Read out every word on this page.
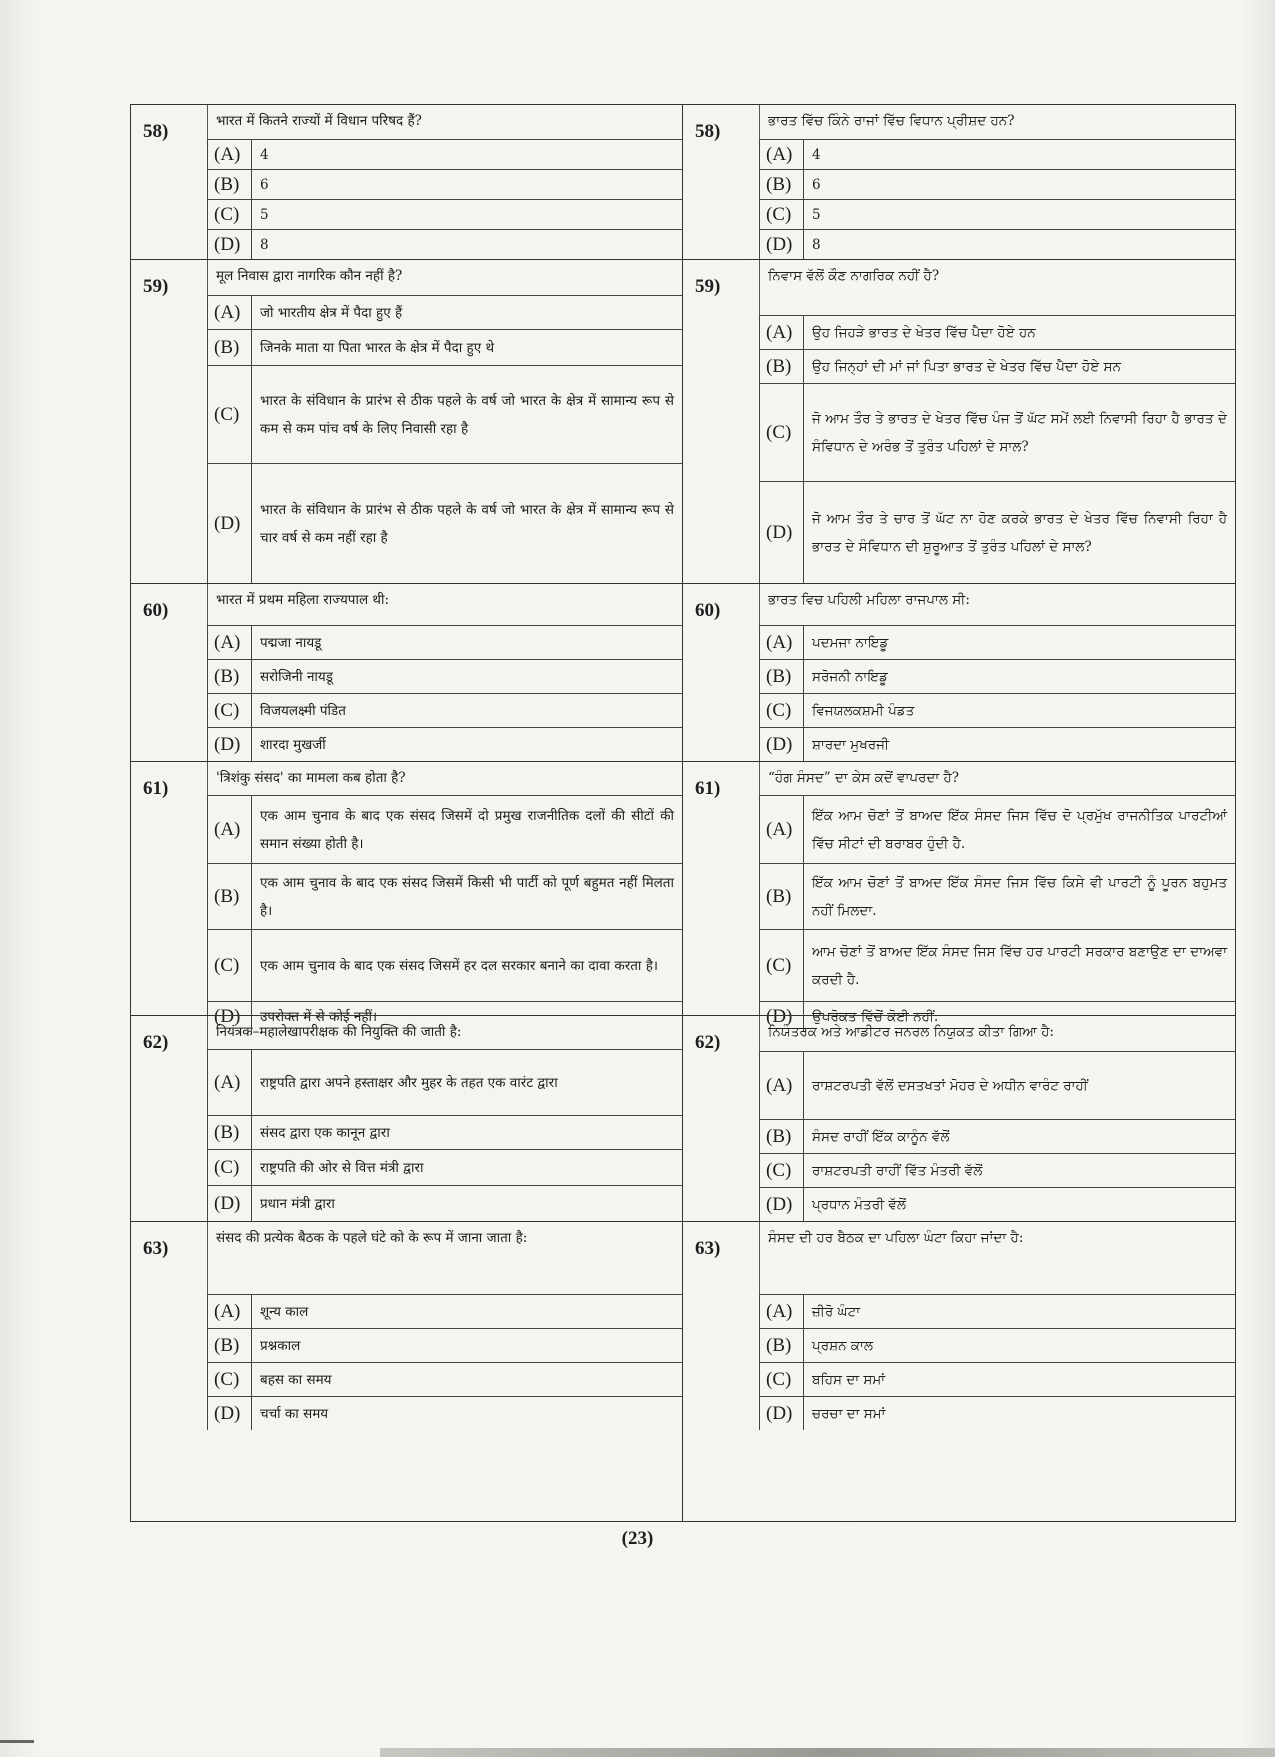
58)	भारत में कितने राज्यों में विधान परिषद हैं?
(A)	4
(B)	6
(C)	5
(D)	8
59)	मूल निवास द्वारा नागरिक कौन नहीं है?
(A)	जो भारतीय क्षेत्र में पैदा हुए हैं
(B)	जिनके माता या पिता भारत के क्षेत्र में पैदा हुए थे
(C)
भारत के संविधान के प्रारंभ से ठीक पहले के वर्ष जो भारत के क्षेत्र में सामान्य रूप से कम से कम पांच वर्ष के लिए निवासी रहा है
(D)
भारत के संविधान के प्रारंभ से ठीक पहले के वर्ष जो भारत के क्षेत्र में सामान्य रूप से चार वर्ष से कम नहीं रहा है
60)	भारत में प्रथम महिला राज्यपाल थी:
(A)	पद्मजा नायडू
(B)	सरोजिनी नायडू
(C)	विजयलक्ष्मी पंडित
(D)	शारदा मुखर्जी
61)	'त्रिशंकु संसद' का मामला कब होता है?
(A)
एक आम चुनाव के बाद एक संसद जिसमें दो प्रमुख राजनीतिक दलों की सीटों की समान संख्या होती है।
(B)
एक आम चुनाव के बाद एक संसद जिसमें किसी भी पार्टी को पूर्ण बहुमत नहीं मिलता है।
(C)	एक आम चुनाव के बाद एक संसद जिसमें हर दल सरकार बनाने का दावा करता है।
(D)	उपरोक्त में से कोई नहीं।
62)	नियंत्रक–महालेखापरीक्षक की नियुक्ति की जाती है:
(A)	राष्ट्रपति द्वारा अपने हस्ताक्षर और मुहर के तहत एक वारंट द्वारा
(B)	संसद द्वारा एक कानून द्वारा
(C)	राष्ट्रपति की ओर से वित्त मंत्री द्वारा
(D)	प्रधान मंत्री द्वारा
63)	संसद की प्रत्येक बैठक के पहले घंटे को के रूप में जाना जाता है:
(A)	शून्य काल
(B)	प्रश्नकाल
(C)	बहस का समय
(D)	चर्चा का समय
58)	ਭਾਰਤ ਵਿੱਚ ਕਿੰਨੇ ਰਾਜਾਂ ਵਿੱਚ ਵਿਧਾਨ ਪ੍ਰੀਸ਼ਦ ਹਨ?
(A)	4
(B)	6
(C)	5
(D)	8
59)	ਨਿਵਾਸ ਵੱਲੋਂ ਕੌਣ ਨਾਗਰਿਕ ਨਹੀਂ ਹੈ?
(A)	ਉਹ ਜਿਹੜੇ ਭਾਰਤ ਦੇ ਖੇਤਰ ਵਿੱਚ ਪੈਦਾ ਹੋਏ ਹਨ
(B)	ਉਹ ਜਿਨ੍ਹਾਂ ਦੀ ਮਾਂ ਜਾਂ ਪਿਤਾ ਭਾਰਤ ਦੇ ਖੇਤਰ ਵਿੱਚ ਪੈਦਾ ਹੋਏ ਸਨ
(C)
ਜੋ ਆਮ ਤੌਰ ਤੇ ਭਾਰਤ ਦੇ ਖੇਤਰ ਵਿੱਚ ਪੰਜ ਤੋਂ ਘੱਟ ਸਮੇਂ ਲਈ ਨਿਵਾਸੀ ਰਿਹਾ ਹੈ ਭਾਰਤ ਦੇ ਸੰਵਿਧਾਨ ਦੇ ਅਰੰਭ ਤੋਂ ਤੁਰੰਤ ਪਹਿਲਾਂ ਦੇ ਸਾਲ?
(D)
ਜੋ ਆਮ ਤੌਰ ਤੇ ਚਾਰ ਤੋਂ ਘੱਟ ਨਾ ਹੋਣ ਕਰਕੇ ਭਾਰਤ ਦੇ ਖੇਤਰ ਵਿੱਚ ਨਿਵਾਸੀ ਰਿਹਾ ਹੈ ਭਾਰਤ ਦੇ ਸੰਵਿਧਾਨ ਦੀ ਸ਼ੁਰੂਆਤ ਤੋਂ ਤੁਰੰਤ ਪਹਿਲਾਂ ਦੇ ਸਾਲ?
60)	ਭਾਰਤ ਵਿਚ ਪਹਿਲੀ ਮਹਿਲਾ ਰਾਜਪਾਲ ਸੀ:
(A)	ਪਦਮਜਾ ਨਾਇਡੂ
(B)	ਸਰੋਜਨੀ ਨਾਇਡੂ
(C)	ਵਿਜਯਲਕਸ਼ਮੀ ਪੰਡਤ
(D)	ਸ਼ਾਰਦਾ ਮੁਖਰਜੀ
61)	“ਹੰਗ ਸੰਸਦ” ਦਾ ਕੇਸ ਕਦੋਂ ਵਾਪਰਦਾ ਹੈ?
(A)
ਇੱਕ ਆਮ ਚੋਣਾਂ ਤੋਂ ਬਾਅਦ ਇੱਕ ਸੰਸਦ ਜਿਸ ਵਿੱਚ ਦੋ ਪ੍ਰਮੁੱਖ ਰਾਜਨੀਤਿਕ ਪਾਰਟੀਆਂ ਵਿੱਚ ਸੀਟਾਂ ਦੀ ਬਰਾਬਰ ਹੁੰਦੀ ਹੈ.
(B)
ਇੱਕ ਆਮ ਚੋਣਾਂ ਤੋਂ ਬਾਅਦ ਇੱਕ ਸੰਸਦ ਜਿਸ ਵਿੱਚ ਕਿਸੇ ਵੀ ਪਾਰਟੀ ਨੂੰ ਪੂਰਨ ਬਹੁਮਤ ਨਹੀਂ ਮਿਲਦਾ.
(C)
ਆਮ ਚੋਣਾਂ ਤੋਂ ਬਾਅਦ ਇੱਕ ਸੰਸਦ ਜਿਸ ਵਿੱਚ ਹਰ ਪਾਰਟੀ ਸਰਕਾਰ ਬਣਾਉਣ ਦਾ ਦਾਅਵਾ ਕਰਦੀ ਹੈ.
(D)	ਉਪਰੋਕਤ ਵਿੱਚੋਂ ਕੋਈ ਨਹੀਂ.
62)	ਨਿਯੰਤਰਕ ਅਤੇ ਆਡੀਟਰ ਜਨਰਲ ਨਿਯੁਕਤ ਕੀਤਾ ਗਿਆ ਹੈ:
(A)	ਰਾਸ਼ਟਰਪਤੀ ਵੱਲੋਂ ਦਸਤਖਤਾਂ ਮੋਹਰ ਦੇ ਅਧੀਨ ਵਾਰੰਟ ਰਾਹੀਂ
(B)	ਸੰਸਦ ਰਾਹੀਂ ਇੱਕ ਕਾਨੂੰਨ ਵੱਲੋਂ
(C)	ਰਾਸ਼ਟਰਪਤੀ ਰਾਹੀਂ ਵਿੱਤ ਮੰਤਰੀ ਵੱਲੋਂ
(D)	ਪ੍ਰਧਾਨ ਮੰਤਰੀ ਵੱਲੋਂ
63)	ਸੰਸਦ ਦੀ ਹਰ ਬੈਠਕ ਦਾ ਪਹਿਲਾ ਘੰਟਾ ਕਿਹਾ ਜਾਂਦਾ ਹੈ:
(A)	ਜ਼ੀਰੋ ਘੰਟਾ
(B)	ਪ੍ਰਸ਼ਨ ਕਾਲ
(C)	ਬਹਿਸ ਦਾ ਸਮਾਂ
(D)	ਚਰਚਾ ਦਾ ਸਮਾਂ
(23)
